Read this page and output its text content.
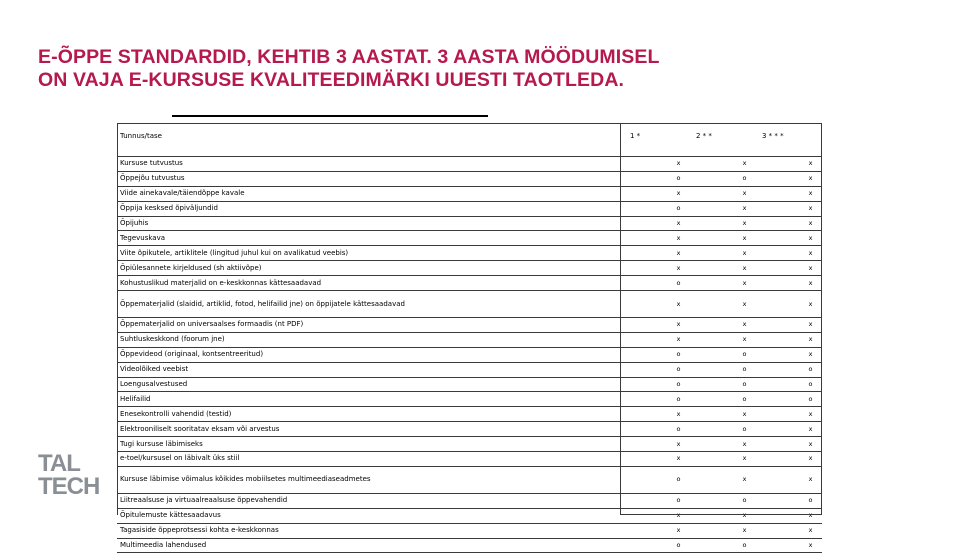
E-ÕPPE STANDARDID, KEHTIB 3 AASTAT. 3 AASTA MÖÖDUMISEL
ON VAJA E-KURSUSE KVALITEEDIMÄRKI UUESTI TAOTLEDA.
Tunnus/tase	1 *	2 * *	3 * * *
Kursuse tutvustus	x	x	x
Õppejõu tutvustus	o	o	x
Viide ainekavale/täiendõppe kavale	x	x	x
Õppija kesksed õpiväljundid	o	x	x
Õpijuhis	x	x	x
Tegevuskava	x	x	x
Viite õpikutele, artiklitele (lingitud juhul kui on avalikatud veebis)	x	x	x
Õpiülesannete kirjeldused (sh aktiivõpe)	x	x	x
Kohustuslikud materjalid on e-keskkonnas kättesaadavad	o	x	x
Õppematerjalid (slaidid, artiklid, fotod, helifailid jne) on õppijatele kättesaadavad	x	x	x
Õppematerjalid on universaalses formaadis (nt PDF)	x	x	x
Suhtluskeskkond (foorum jne)	x	x	x
Õppevideod (originaal, kontsentreeritud)	o	o	x
Videolõiked veebist	o	o	o
Loengusalvestused	o	o	o
Helifailid	o	o	o
Enesekontrolli vahendid (testid)	x	x	x
Elektrooniliselt sooritatav eksam või arvestus	o	o	x
Tugi kursuse läbimiseks	x	x	x
e-toel/kursusel on läbivalt üks stiil	x	x	x
Kursuse läbimise võimalus kõikides mobiilsetes multimeediaseadmetes	o	x	x
Liitreaalsuse ja virtuaalreaalsuse õppevahendid	o	o	o
Õpitulemuste kättesaadavus	x	x	x
Tagasiside õppeprotsessi kohta e-keskkonnas	x	x	x
Multimeedia lahendused	o	o	x
TAL
TECH
